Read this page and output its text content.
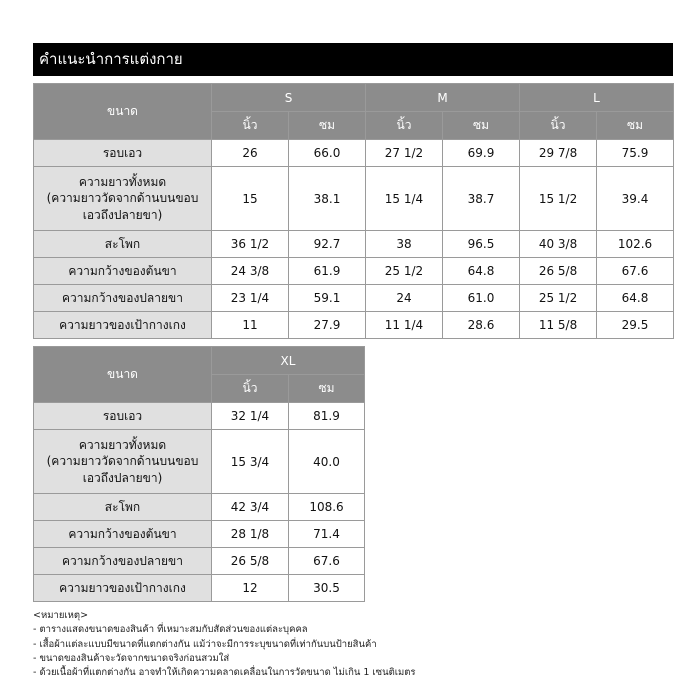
คำแนะนำการแต่งกาย
ขนาด	S		M		L	
	นิ้ว	ซม	นิ้ว	ซม	นิ้ว	ซม
รอบเอว	26	66.0	27 1/2	69.9	29 7/8	75.9

ความยาวทั้งหมด
(ความยาววัดจากด้านบนขอบ
เอวถึงปลายขา)	15	38.1	15 1/4	38.7	15 1/2	39.4
สะโพก	36 1/2	92.7	38	96.5	40 3/8	102.6
ความกว้างของต้นขา	24 3/8	61.9	25 1/2	64.8	26 5/8	67.6
ความกว้างของปลายขา	23 1/4	59.1	24	61.0	25 1/2	64.8
ความยาวของเป้ากางเกง	11	27.9	11 1/4	28.6	11 5/8	29.5
ขนาด	XL	
	นิ้ว	ซม
รอบเอว	32 1/4	81.9

ความยาวทั้งหมด
(ความยาววัดจากด้านบนขอบ
เอวถึงปลายขา)	15 3/4	40.0
สะโพก	42 3/4	108.6
ความกว้างของต้นขา	28 1/8	71.4
ความกว้างของปลายขา	26 5/8	67.6
ความยาวของเป้ากางเกง	12	30.5
<หมายเหตุ>
- ตารางแสดงขนาดของสินค้า ที่เหมาะสมกับสัดส่วนของแต่ละบุคคล
- เสื้อผ้าแต่ละแบบมีขนาดที่แตกต่างกัน แม้ว่าจะมีการระบุขนาดที่เท่ากันบนป้ายสินค้า
- ขนาดของสินค้าจะวัดจากขนาดจริงก่อนสวมใส่
- ด้วยเนื้อผ้าที่แตกต่างกัน อาจทำให้เกิดความคลาดเคลื่อนในการวัดขนาด ไม่เกิน 1 เซนติเมตร
